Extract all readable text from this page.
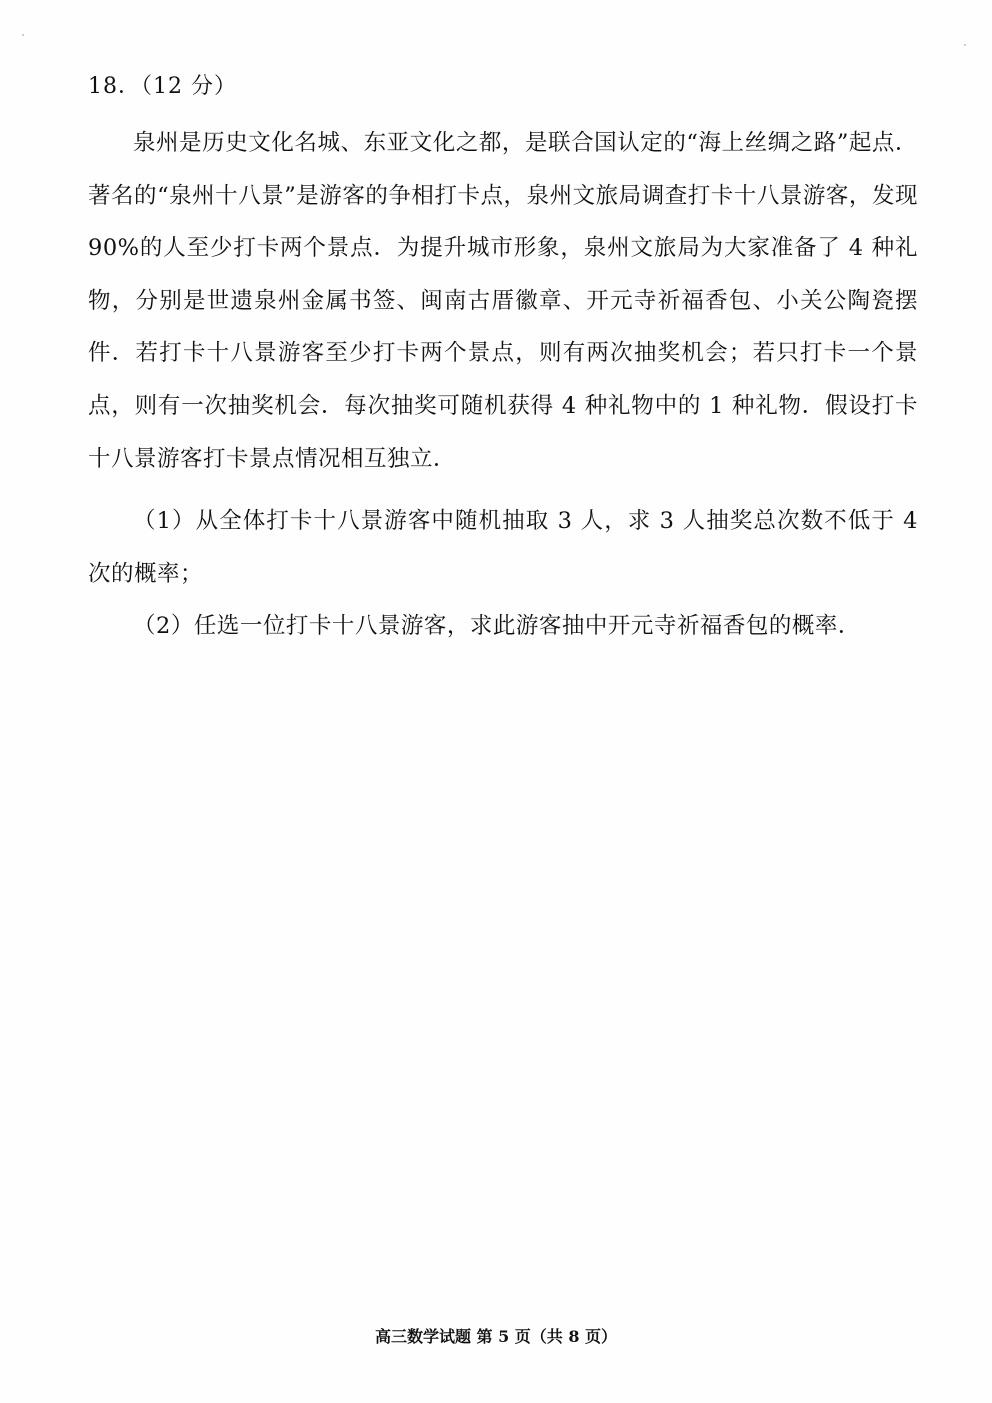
18．（12 分）

泉州是历史文化名城、东亚文化之都，是联合国认定的“海上丝绸之路”起点．著名的“泉州十八景”是游客的争相打卡点，泉州文旅局调查打卡十八景游客，发现 90%的人至少打卡两个景点．为提升城市形象，泉州文旅局为大家准备了 4 种礼物，分别是世遗泉州金属书签、闽南古厝徽章、开元寺祈福香包、小关公陶瓷摆件．若打卡十八景游客至少打卡两个景点，则有两次抽奖机会；若只打卡一个景点，则有一次抽奖机会．每次抽奖可随机获得 4 种礼物中的 1 种礼物．假设打卡十八景游客打卡景点情况相互独立．

（1）从全体打卡十八景游客中随机抽取 3 人，求 3 人抽奖总次数不低于 4 次的概率；

（2）任选一位打卡十八景游客，求此游客抽中开元寺祈福香包的概率．

高三数学试题 第 5 页（共 8 页）
